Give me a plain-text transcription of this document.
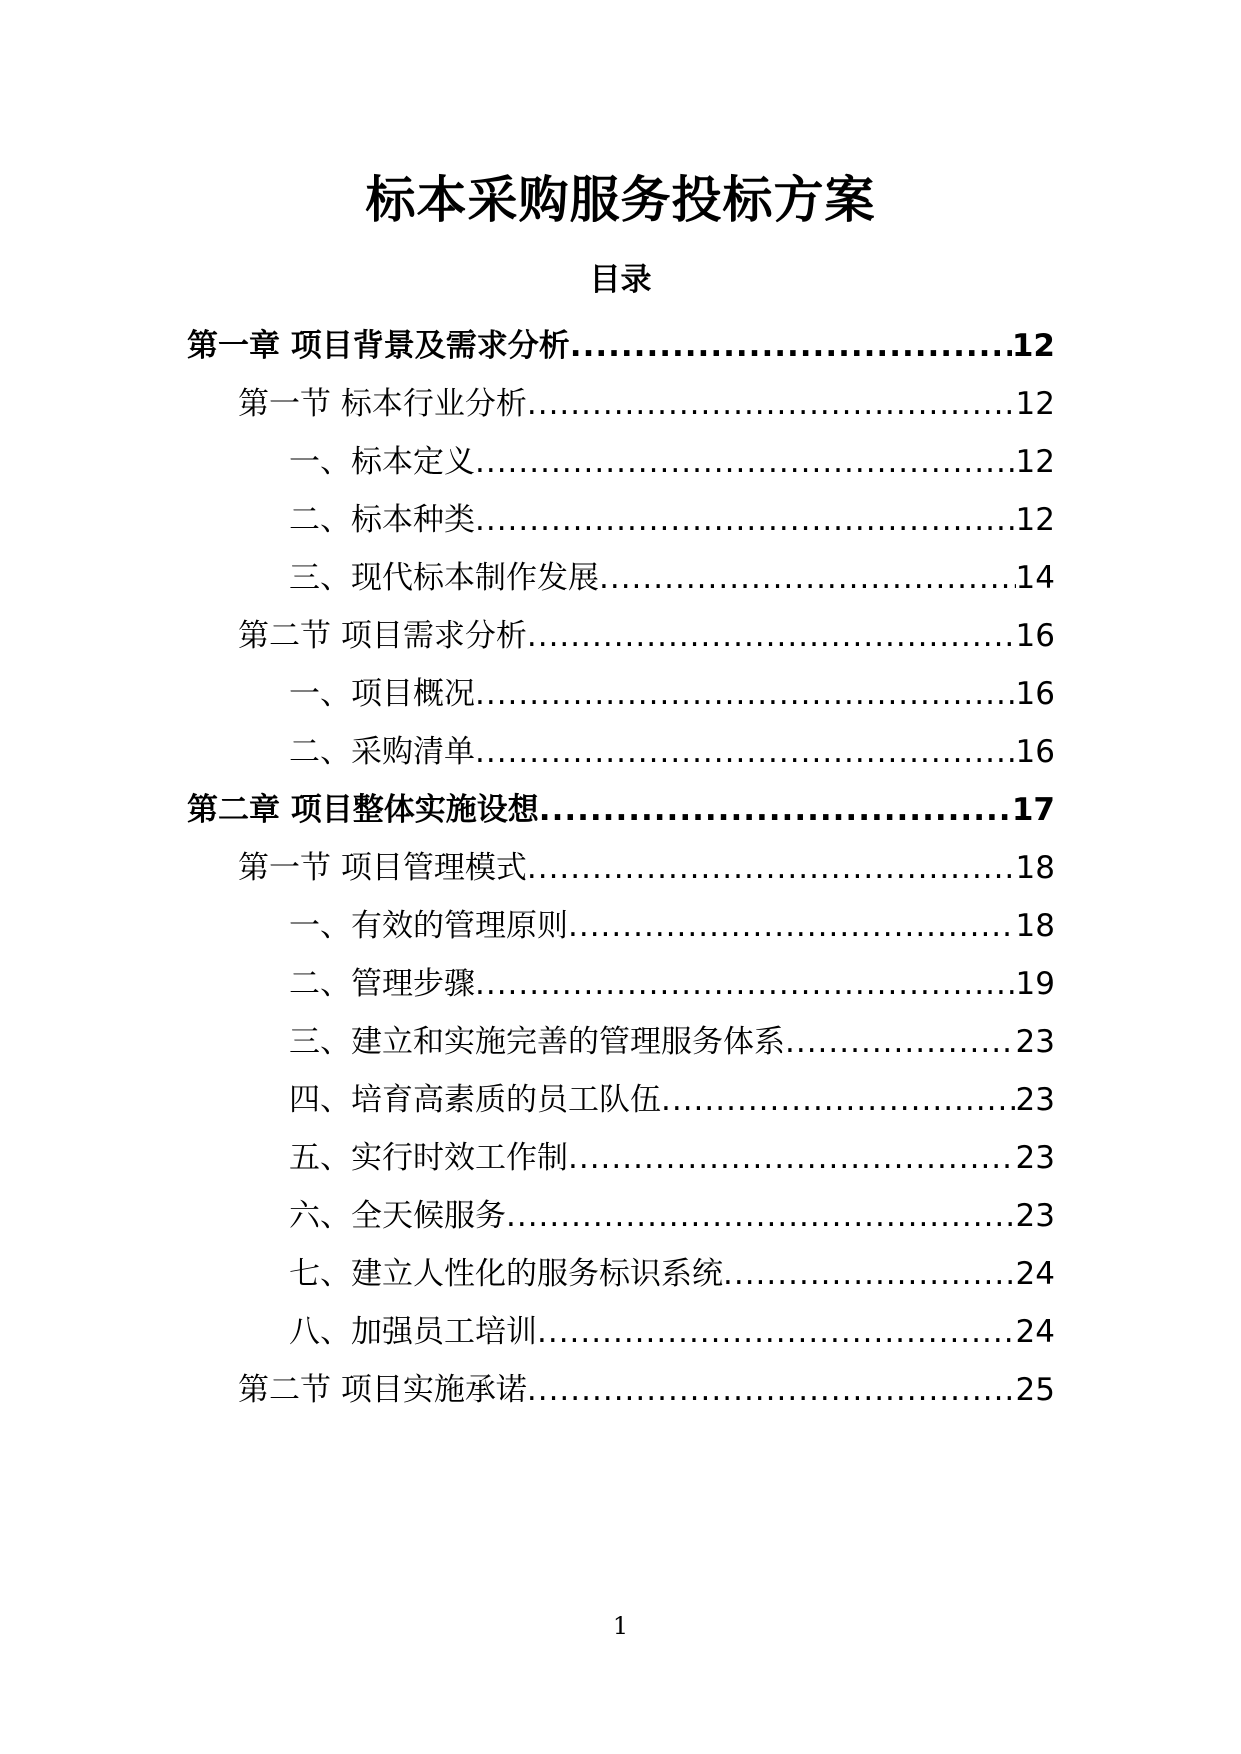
标本采购服务投标方案
目录
第一章 项目背景及需求分析 .....	12
第一节 标本行业分析 .....	12
一、标本定义 .....	12
二、标本种类 .....	12
三、现代标本制作发展 .....	14
第二节 项目需求分析 .....	16
一、项目概况 .....	16
二、采购清单 .....	16
第二章 项目整体实施设想 .....	17
第一节 项目管理模式 .....	18
一、有效的管理原则 .....	18
二、管理步骤 .....	19
三、建立和实施完善的管理服务体系 .....	23
四、培育高素质的员工队伍 .....	23
五、实行时效工作制 .....	23
六、全天候服务 .....	23
七、建立人性化的服务标识系统 .....	24
八、加强员工培训 .....	24
第二节 项目实施承诺 .....	25
1
